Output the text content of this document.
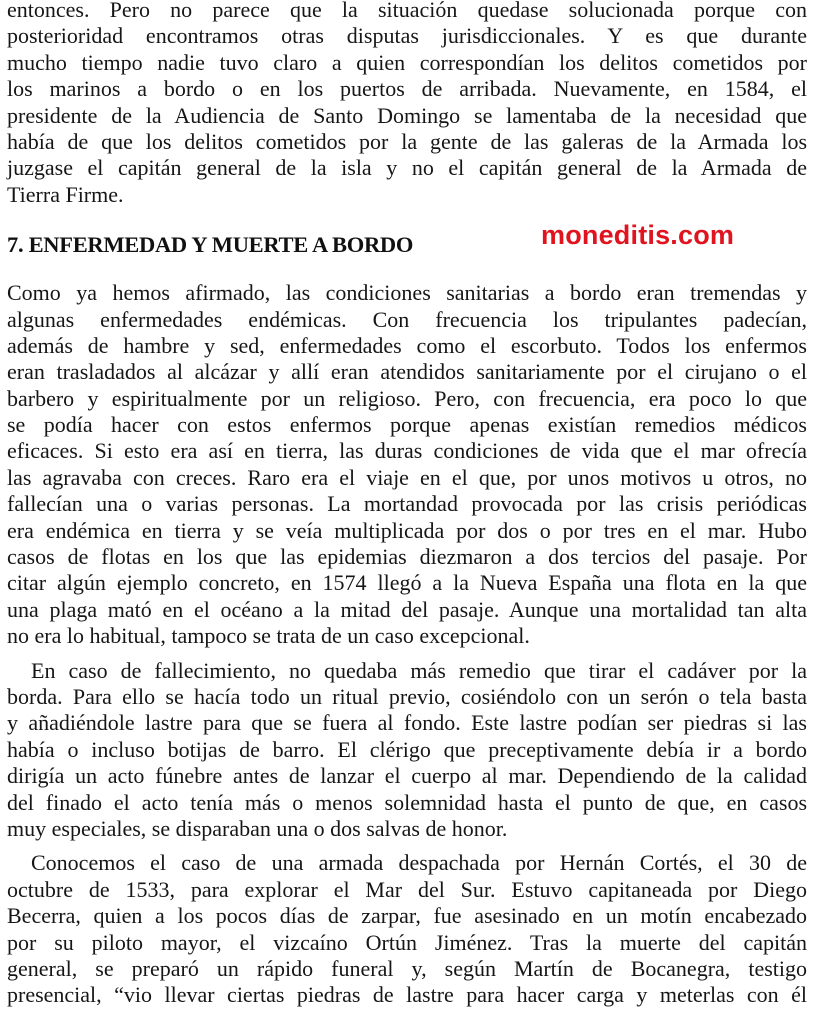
entonces. Pero no parece que la situación quedase solucionada porque con
posterioridad encontramos otras disputas jurisdiccionales. Y es que durante
mucho tiempo nadie tuvo claro a quien correspondían los delitos cometidos por
los marinos a bordo o en los puertos de arribada. Nuevamente, en 1584, el
presidente de la Audiencia de Santo Domingo se lamentaba de la necesidad que
había de que los delitos cometidos por la gente de las galeras de la Armada los
juzgase el capitán general de la isla y no el capitán general de la Armada de
Tierra Firme.
7. ENFERMEDAD Y MUERTE A BORDO
Como ya hemos afirmado, las condiciones sanitarias a bordo eran tremendas y
algunas enfermedades endémicas. Con frecuencia los tripulantes padecían,
además de hambre y sed, enfermedades como el escorbuto. Todos los enfermos
eran trasladados al alcázar y allí eran atendidos sanitariamente por el cirujano o el
barbero y espiritualmente por un religioso. Pero, con frecuencia, era poco lo que
se podía hacer con estos enfermos porque apenas existían remedios médicos
eficaces. Si esto era así en tierra, las duras condiciones de vida que el mar ofrecía
las agravaba con creces. Raro era el viaje en el que, por unos motivos u otros, no
fallecían una o varias personas. La mortandad provocada por las crisis periódicas
era endémica en tierra y se veía multiplicada por dos o por tres en el mar. Hubo
casos de flotas en los que las epidemias diezmaron a dos tercios del pasaje. Por
citar algún ejemplo concreto, en 1574 llegó a la Nueva España una flota en la que
una plaga mató en el océano a la mitad del pasaje. Aunque una mortalidad tan alta
no era lo habitual, tampoco se trata de un caso excepcional.
En caso de fallecimiento, no quedaba más remedio que tirar el cadáver por la
borda. Para ello se hacía todo un ritual previo, cosiéndolo con un serón o tela basta
y añadiéndole lastre para que se fuera al fondo. Este lastre podían ser piedras si las
había o incluso botijas de barro. El clérigo que preceptivamente debía ir a bordo
dirigía un acto fúnebre antes de lanzar el cuerpo al mar. Dependiendo de la calidad
del finado el acto tenía más o menos solemnidad hasta el punto de que, en casos
muy especiales, se disparaban una o dos salvas de honor.
Conocemos el caso de una armada despachada por Hernán Cortés, el 30 de
octubre de 1533, para explorar el Mar del Sur. Estuvo capitaneada por Diego
Becerra, quien a los pocos días de zarpar, fue asesinado en un motín encabezado
por su piloto mayor, el vizcaíno Ortún Jiménez. Tras la muerte del capitán
general, se preparó un rápido funeral y, según Martín de Bocanegra, testigo
presencial, “vio llevar ciertas piedras de lastre para hacer carga y meterlas con él
moneditis.com
